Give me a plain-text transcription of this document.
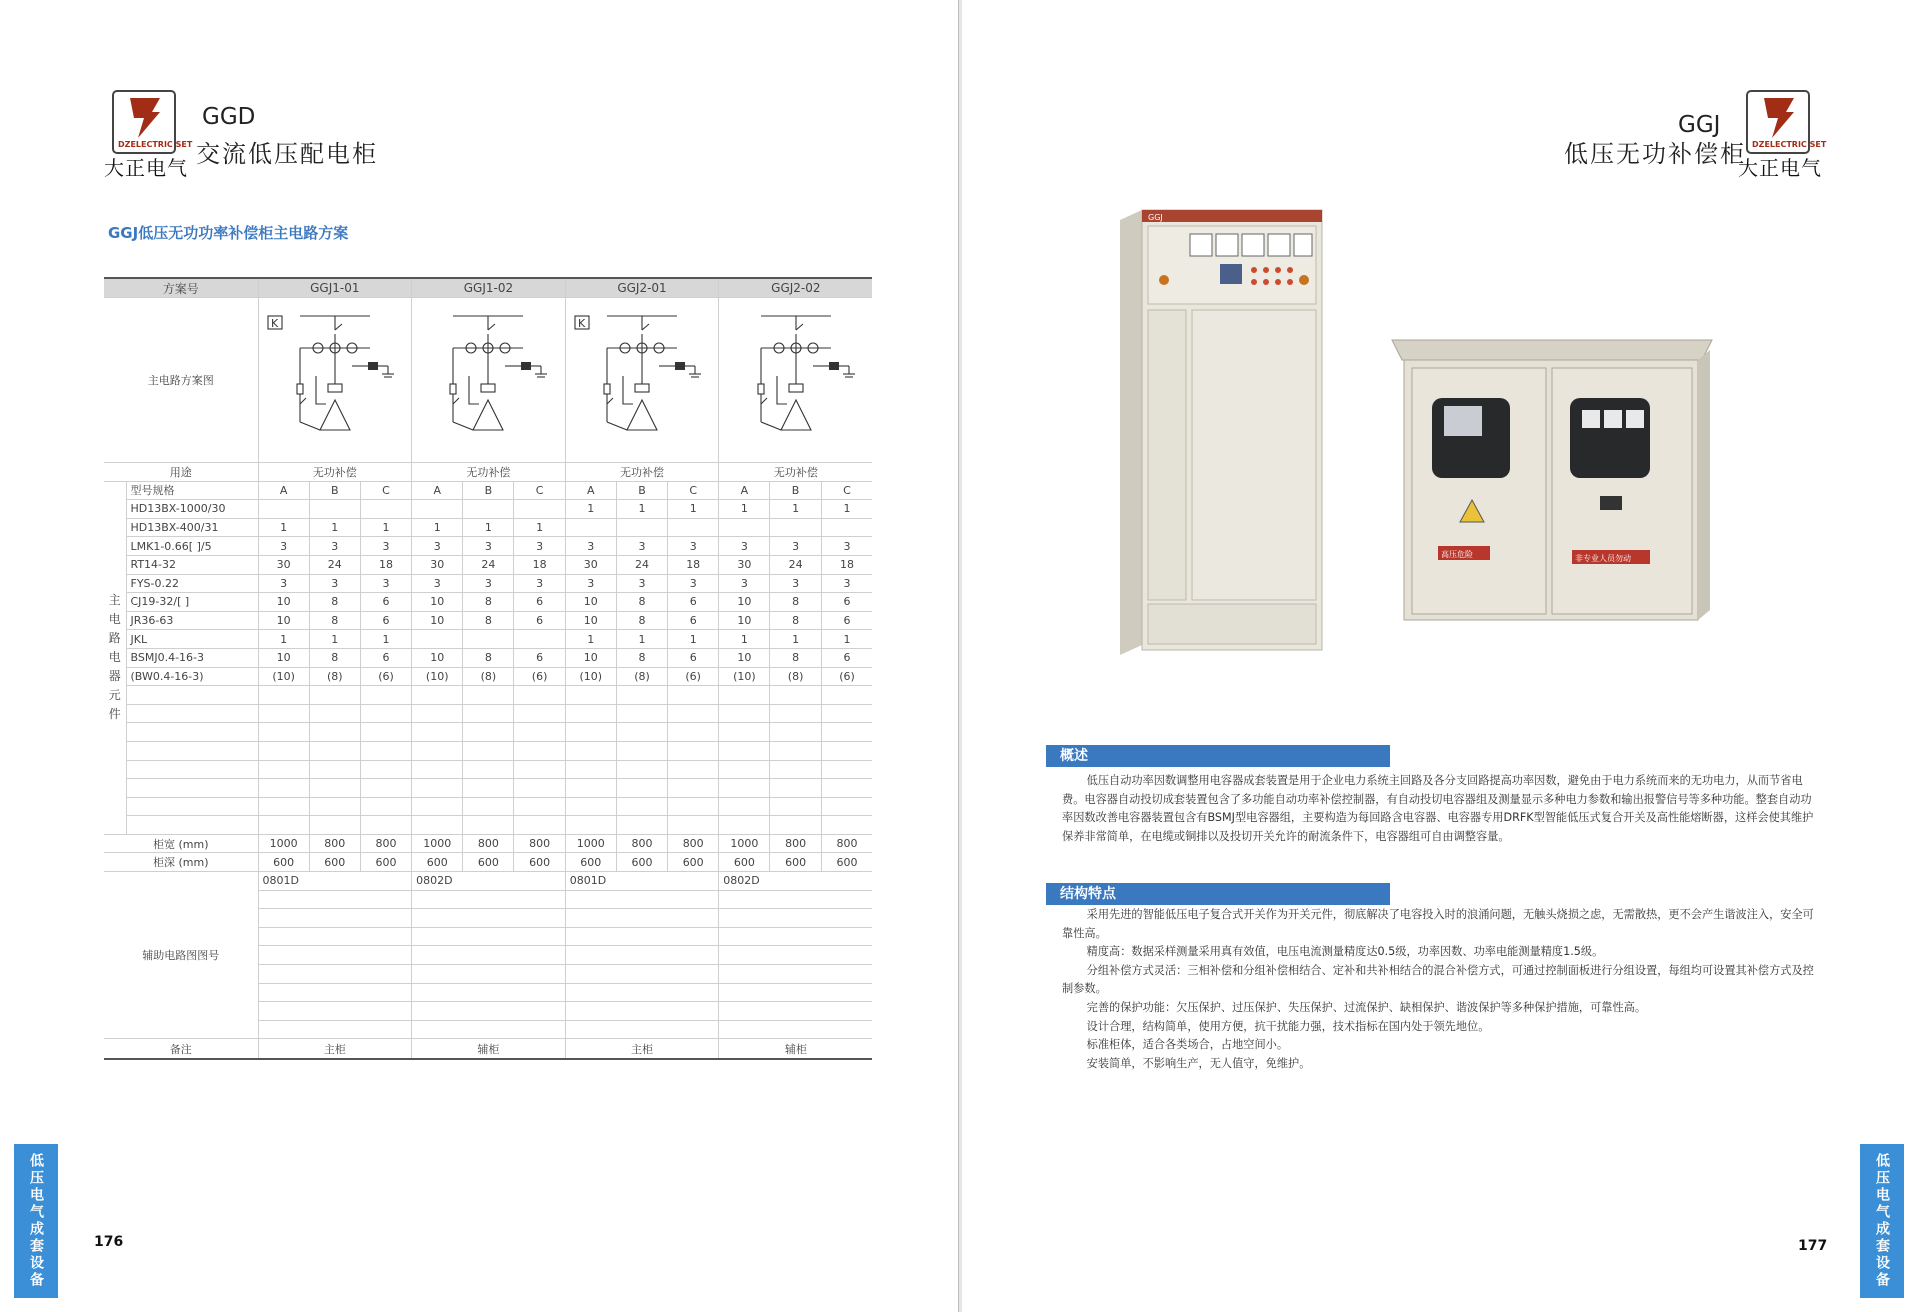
DZELECTRIC SET
大正电气
GGD
交流低压配电柜
GGJ低压无功功率补偿柜主电路方案
方案号		GGJ1-01			GGJ1-02			GGJ2-01			GGJ2-02		
主电路方案图		K						K

用途		无功补偿			无功补偿			无功补偿			无功补偿		
主电路电器元件	型号规格	A	B	C	A	B	C	A	B	C	A	B	C
	HD13BX-1000/30							1	1	1	1	1	1
	HD13BX-400/31	1	1	1	1	1	1						
	LMK1-0.66[ ]/5	3	3	3	3	3	3	3	3	3	3	3	3
	RT14-32	30	24	18	30	24	18	30	24	18	30	24	18
	FYS-0.22	3	3	3	3	3	3	3	3	3	3	3	3
	CJ19-32/[ ]	10	8	6	10	8	6	10	8	6	10	8	6
	JR36-63	10	8	6	10	8	6	10	8	6	10	8	6
	JKL	1	1	1				1	1	1	1	1	1
	BSMJ0.4-16-3	10	8	6	10	8	6	10	8	6	10	8	6
	(BW0.4-16-3)	(10)	(8)	(6)	(10)	(8)	(6)	(10)	(8)	(6)	(10)	(8)	(6)

柜宽 (mm)		1000	800	800	1000	800	800	1000	800	800	1000	800	800
柜深 (mm)		600	600	600	600	600	600	600	600	600	600	600	600
辅助电路图图号		0801D			0802D			0801D			0802D		

备注		主柜			辅柜			主柜			辅柜		
低压电气成套设备	176
GGJ
低压无功补偿柜 DZELECTRIC SET
大正电气
GGJ
高压危险	非专业人员勿动
概述

低压自动功率因数调整用电容器成套装置是用于企业电力系统主回路及各分支回路提高功率因数，避免由于电力系统而来的无功电力，从而节省电费。电容器自动投切成套装置包含了多功能自动功率补偿控制器，有自动投切电容器组及测量显示多种电力参数和输出报警信号等多种功能。整套自动功率因数改善电容器装置包含有BSMJ型电容器组，主要构造为每回路含电容器、电容器专用DRFK型智能低压式复合开关及高性能熔断器，这样会使其维护保养非常简单，在电缆或铜排以及投切开关允许的耐流条件下，电容器组可自由调整容量。

结构特点

采用先进的智能低压电子复合式开关作为开关元件，彻底解决了电容投入时的浪涌问题，无触头烧损之虑，无需散热，更不会产生谐波注入，安全可靠性高。

精度高：数据采样测量采用真有效值，电压电流测量精度达0.5级，功率因数、功率电能测量精度1.5级。

分组补偿方式灵活：三相补偿和分组补偿相结合、定补和共补相结合的混合补偿方式，可通过控制面板进行分组设置，每组均可设置其补偿方式及控制参数。

完善的保护功能：欠压保护、过压保护、失压保护、过流保护、缺相保护、谐波保护等多种保护措施，可靠性高。

设计合理，结构简单，使用方便，抗干扰能力强，技术指标在国内处于领先地位。

标准柜体，适合各类场合，占地空间小。

安装简单，不影响生产，无人值守，免维护。

177	低压电气成套设备
